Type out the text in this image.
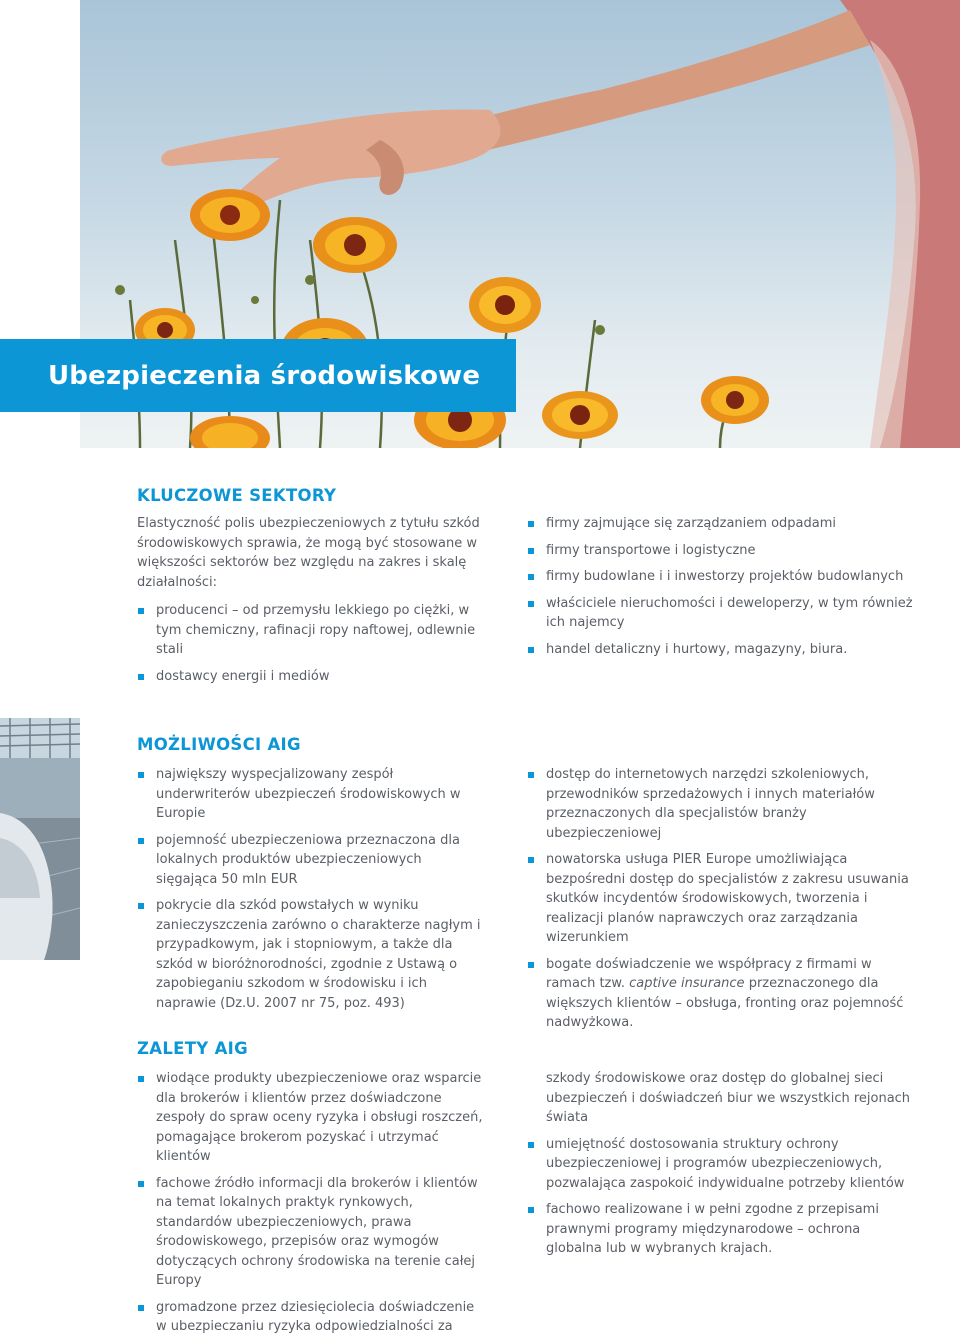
Ubezpieczenia środowiskowe
KLUCZOWE SEKTORY

Elastyczność polis ubezpieczeniowych z tytułu szkód środowiskowych sprawia, że mogą być stosowane w większości sektorów bez względu na zakres i skalę działalności:

producenci – od przemysłu lekkiego po ciężki, w tym chemiczny, rafinacji ropy naftowej, odlewnie stali
dostawcy energii i mediów
firmy zajmujące się zarządzaniem odpadami
firmy transportowe i logistyczne
firmy budowlane i i inwestorzy projektów budowlanych
właściciele nieruchomości i deweloperzy, w tym również ich najemcy
handel detaliczny i hurtowy, magazyny, biura.
MOŻLIWOŚCI AIG
największy wyspecjalizowany zespół underwriterów ubezpieczeń środowiskowych w Europie
pojemność ubezpieczeniowa przeznaczona dla lokalnych produktów ubezpieczeniowych sięgająca 50 mln EUR
pokrycie dla szkód powstałych w wyniku zanieczyszczenia zarówno o charakterze nagłym i przypadkowym, jak i stopniowym, a także dla szkód w bioróżnorodności, zgodnie z Ustawą o zapobieganiu szkodom w środowisku i ich naprawie (Dz.U. 2007 nr 75, poz. 493)
dostęp do internetowych narzędzi szkoleniowych, przewodników sprzedażowych i innych materiałów przeznaczonych dla specjalistów branży ubezpieczeniowej
nowatorska usługa PIER Europe umożliwiająca bezpośredni dostęp do specjalistów z zakresu usuwania skutków incydentów środowiskowych, tworzenia i realizacji planów naprawczych oraz zarządzania wizerunkiem
bogate doświadczenie we współpracy z firmami w ramach tzw. captive insurance przeznaczonego dla większych klientów – obsługa, fronting oraz pojemność nadwyżkowa.
ZALETY AIG
wiodące produkty ubezpieczeniowe oraz wsparcie dla brokerów i klientów przez doświadczone zespoły do spraw oceny ryzyka i obsługi roszczeń, pomagające brokerom pozyskać i utrzymać klientów
fachowe źródło informacji dla brokerów i klientów na temat lokalnych praktyk rynkowych, standardów ubezpieczeniowych, prawa środowiskowego, przepisów oraz wymogów dotyczących ochrony środowiska na terenie całej Europy
gromadzone przez dziesięciolecia doświadczenie w ubezpieczaniu ryzyka odpowiedzialności za
szkody środowiskowe oraz dostęp do globalnej sieci ubezpieczeń i doświadczeń biur we wszystkich rejonach świata
umiejętność dostosowania struktury ochrony ubezpieczeniowej i programów ubezpieczeniowych, pozwalająca zaspokoić indywidualne potrzeby klientów
fachowo realizowane i w pełni zgodne z przepisami prawnymi programy międzynarodowe – ochrona globalna lub w wybranych krajach.
